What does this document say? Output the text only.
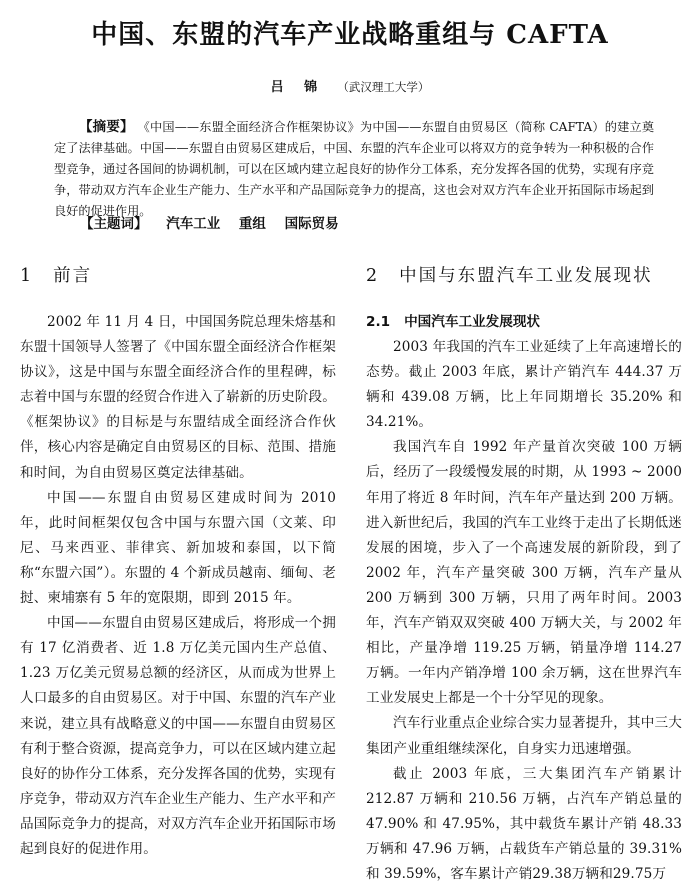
中国、东盟的汽车产业战略重组与 CAFTA
吕 锦 （武汉理工大学）

【摘要】 《中国——东盟全面经济合作框架协议》为中国——东盟自由贸易区（简称 CAFTA）的建立奠定了法律基础。中国——东盟自由贸易区建成后，中国、东盟的汽车企业可以将双方的竞争转为一种积极的合作型竞争，通过各国间的协调机制，可以在区域内建立起良好的协作分工体系，充分发挥各国的优势，实现有序竞争，带动双方汽车企业生产能力、生产水平和产品国际竞争力的提高，这也会对双方汽车企业开拓国际市场起到良好的促进作用。

【主题词】 汽车工业 重组 国际贸易
1 前言

2002 年 11 月 4 日，中国国务院总理朱熔基和东盟十国领导人签署了《中国东盟全面经济合作框架协议》，这是中国与东盟全面经济合作的里程碑，标志着中国与东盟的经贸合作进入了崭新的历史阶段。《框架协议》的目标是与东盟结成全面经济合作伙伴，核心内容是确定自由贸易区的目标、范围、措施和时间，为自由贸易区奠定法律基础。

中国——东盟自由贸易区建成时间为 2010 年，此时间框架仅包含中国与东盟六国（文莱、印尼、马来西亚、菲律宾、新加坡和泰国，以下简称“东盟六国”）。东盟的 4 个新成员越南、缅甸、老挝、柬埔寨有 5 年的宽限期，即到 2015 年。

中国——东盟自由贸易区建成后，将形成一个拥有 17 亿消费者、近 1.8 万亿美元国内生产总值、1.23 万亿美元贸易总额的经济区，从而成为世界上人口最多的自由贸易区。对于中国、东盟的汽车产业来说，建立具有战略意义的中国——东盟自由贸易区有利于整合资源，提高竞争力，可以在区域内建立起良好的协作分工体系，充分发挥各国的优势，实现有序竞争，带动双方汽车企业生产能力、生产水平和产品国际竞争力的提高，对双方汽车企业开拓国际市场起到良好的促进作用。

2 中国与东盟汽车工业发展现状
2.1 中国汽车工业发展现状

2003 年我国的汽车工业延续了上年高速增长的态势。截止 2003 年底，累计产销汽车 444.37 万辆和 439.08 万辆，比上年同期增长 35.20% 和 34.21%。

我国汽车自 1992 年产量首次突破 100 万辆后，经历了一段缓慢发展的时期，从 1993 ~ 2000 年用了将近 8 年时间，汽车年产量达到 200 万辆。进入新世纪后，我国的汽车工业终于走出了长期低迷发展的困境，步入了一个高速发展的新阶段，到了 2002 年，汽车产量突破 300 万辆，汽车产量从 200 万辆到 300 万辆，只用了两年时间。2003 年，汽车产销双双突破 400 万辆大关，与 2002 年相比，产量净增 119.25 万辆，销量净增 114.27 万辆。一年内产销净增 100 余万辆，这在世界汽车工业发展史上都是一个十分罕见的现象。

汽车行业重点企业综合实力显著提升，其中三大集团产业重组继续深化，自身实力迅速增强。

截止 2003 年底，三大集团汽车产销累计 212.87 万辆和 210.56 万辆，占汽车产销总量的 47.90% 和 47.95%，其中载货车累计产销 48.33 万辆和 47.96 万辆，占载货车产销总量的 39.31% 和 39.59%，客车累计产销29.38万辆和29.75万
